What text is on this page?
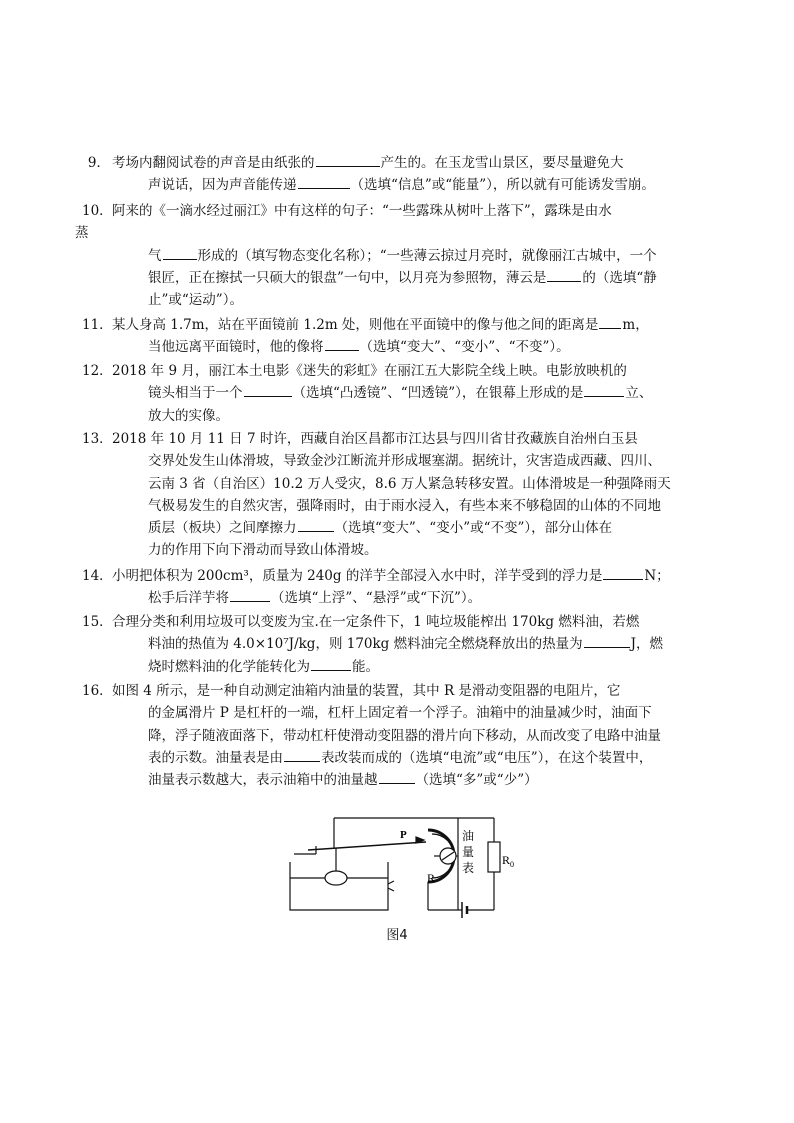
9． 考场内翻阅试卷的声音是由纸张的	产生的。在玉龙雪山景区，要尽量避免大

声说话，因为声音能传递	（选填“信息”或“能量”），所以就有可能诱发雪崩。

10． 阿来的《一滴水经过丽江》中有这样的句子：“一些露珠从树叶上落下”，露珠是由水

蒸

气	形成的（填写物态变化名称）；“一些薄云掠过月亮时，就像丽江古城中，一个

银匠，正在擦拭一只硕大的银盘”一句中，以月亮为参照物，薄云是	的（选填“静

止”或“运动”）。

11． 某人身高 1.7m，站在平面镜前 1.2m 处，则他在平面镜中的像与他之间的距离是 m，

当他远离平面镜时，他的像将	（选填“变大”、“变小”、“不变”）。

12． 2018 年 9 月，丽江本土电影《迷失的彩虹》在丽江五大影院全线上映。电影放映机的

镜头相当于一个	（选填“凸透镜”、“凹透镜”），在银幕上形成的是	立、

放大的实像。

13． 2018 年 10 月 11 日 7 时许，西藏自治区昌都市江达县与四川省甘孜藏族自治州白玉县

交界处发生山体滑坡，导致金沙江断流并形成堰塞湖。据统计，灾害造成西藏、四川、

云南 3 省（自治区）10.2 万人受灾，8.6 万人紧急转移安置。山体滑坡是一种强降雨天

气极易发生的自然灾害，强降雨时，由于雨水浸入，有些本来不够稳固的山体的不同地

质层（板块）之间摩擦力	（选填“变大”、“变小”或“不变”），部分山体在

力的作用下向下滑动而导致山体滑坡。

14． 小明把体积为 200cm³，质量为 240g 的洋芋全部浸入水中时，洋芋受到的浮力是	N；

松手后洋芋将	（选填“上浮”、“悬浮”或“下沉”）。

15． 合理分类和利用垃圾可以变废为宝.在一定条件下，1 吨垃圾能榨出 170kg 燃料油，若燃

料油的热值为 4.0×10⁷J/kg，则 170kg 燃料油完全燃烧释放出的热量为	J，燃

烧时燃料油的化学能转化为	能。

16． 如图 4 所示，是一种自动测定油箱内油量的装置，其中 R 是滑动变阻器的电阻片，它

的金属滑片 P 是杠杆的一端，杠杆上固定着一个浮子。油箱中的油量减少时，油面下

降，浮子随液面落下，带动杠杆使滑动变阻器的滑片向下移动，从而改变了电路中油量

表的示数。油量表是由	表改装而成的（选填“电流”或“电压”），在这个装置中，

油量表示数越大，表示油箱中的油量越	（选填“多”或“少”）

P
R
$R_0$
油
量
表
图4
